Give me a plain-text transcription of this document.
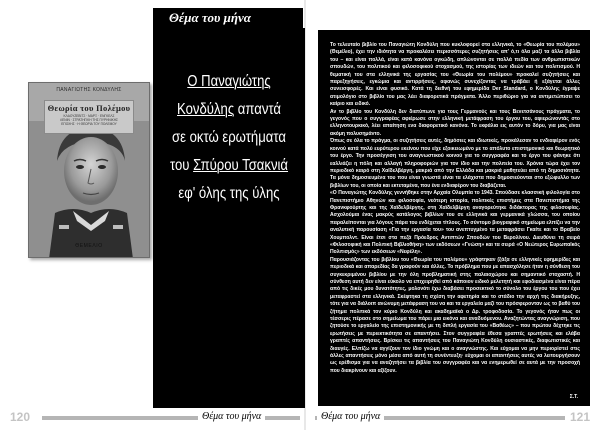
ΠΑΝΑΓΙΩΤΗΣ ΚΟΝΔΥΛΗΣ
Θεωρία του Πολέμου
ΚΛΑΟΥΖΕΒΙΤΣ · ΜΑΡΞ · ΕΝΓΚΕΛΣ
ΛΕΝΙΝ · ΣΤΡΑΤΗΓΙΚΗ ΤΗΣ ΠΥΡΗΝΙΚΗΣ
ΕΠΟΧΗΣ · Η ΘΕΩΡΙΑ ΤΟΥ ΠΟΛΕΜΟΥ
ΘΕΜΕΛΙΟ
Θέμα του μήνα
Ο Παναγιώτης
Κονδύλης απαντά
σε οκτώ ερωτήματα
του Σπύρου Τσακνιά
εφ' όλης της ύλης

Το τελευταίο βιβλίο του Παναγιώτη Κονδύλη που κυκλοφορεί στα ελληνικά, το «Θεωρία του πολέμου» (Θεμέλιο), έχει την ιδιότητα να προκαλέσει περισσότερες συζητήσεις απ' ό,τι όλα μαζί τα άλλα βιβλία του – και είναι πολλά, είναι κατά κανόνα ογκώδη, απλώνονται σε πολλά πεδία των ανθρωπιστικών σπουδών, του πολιτικού και φιλοσοφικού στοχασμού, της ιστορίας των ιδεών και του πολιτισμού. Η θεματική του στα ελληνικά της εργασίας του «Θεωρία του πολέμου» προκαλεί συζητήσεις και παρεξηγήσεις, εγκώμια και αντιρρήσεις, αφανώς συνεχίζοντας να τράβάει ή εξάγεται άλλες συνεισφορές. Και είναι φυσικό. Κατά τη διεθνή του εφημερίδα Der Standard, ο Κονδύλης έγραψε ατιμολόγιο στο βιβλίο του μας λέει διαφορετικά πράγματα. Άλλο περιθώριο για να αντιμετώπισει το καίριο και ειδικό.

Αν το βιβλίο του Κονδύλη δεν διατύπωνε για τους Γερμανούς και τους Βενετσάνους πράγματα, το γεγονός που ο συγγραφέας αφιέρωσε στην ελληνική μετάφραση του έργου του, αφιερώνοντάς στο ελληνοτουρκικό, λέει απαίτηση ενα διαφορετικό κανόνα. Το εκφάλια εις αυτόν το δόρυ, για μας είναι ακόμη πολυσημάντο.

Όπως σε όλα το πράγμα, οι συζητήσεις αυτές, δημόσιες και ιδιωτικές, προκάλεσαν το ενδιαφέρον ενός κοινού κατά πολύ ευρύτερου εκείνου που είχε εξοικειωμένο με το απόλυτο επιστημονικό και θεωρητικό του έργο. Την προσέγγιση του αναγνωστικού κοινού για το συγγραφέα και το έργο του φάνηκε ότι εαλλιάζει η πόλη και αλλαγή πληροφοριών για τον ίδιο και την πολιτεία του. Χρόνια τώρα έχει τον περιοδικό καιρό στη Χαϊδελβέργη, μακριά από την Ελλάδα και μακριά μαθητεύει από τη δημοσιότητα. Τα μόνα δημοσιευμένα του που είναι γνωστά είναι τα ελάχιστα που δημοσιεύονται στο εξώφυλλο των βιβλίων του, οι οποία και εκτεταμένα, που ένα ενδιαφέρον του διαβάζεται.

«Ο Παναγιώτης Κονδύλης γεννήθηκε στην Αρχαία Ολυμπία το 1943. Σπούδασε κλασσική φιλολογία στο Πανεπιστήμιο Αθηνών και φιλοσοφία, νεότερη ιστορία, πολιτικές επιστήμες στα Πανεπιστήμια της Φρανκφούρτης και της Χαϊδελβέργης, στη Χαϊδελβέργη αναγορεύτηκε διδάκτορας της φιλοσοφίας. Ασχολούμαι ένας μακρύς κατάλογος βιβλίων του σε ελληνικά και γερμανικά γλώσσα, του οποίου παραλείπονται για λόγους πάρα του ενδέχεται τίτλους. Το σύντομο βιογραφικό σημείωμα ελπίζει να την αναλυτική παρουσίαση «Για την εργασία του» του ανεπτυγμένο τα μεταφράσει Γκαίτε και το Βραβείο Χουμπολντ. Είναι έτσι στα πεζά Πρόεδρος Αντιπτών Σπουδών του Βερολίνου. Διευθύνει τη σειρά «Φιλοσοφική και Πολιτική Βιβλιοθήκη» των εκδόσεων «Γνώση» και τα σειρά «Ο Νεώτερος Ευρωπαϊκός Πολιτισμός» των εκδόσεων «Νεφέλη».

Παρουσιάζοντας του βιβλίου του «Θεωρία του πολέμου» γράφτηκαν (ξάξα σε ελληνικές εφημερίδες και περιοδικά και απαρεδίας δα γραφούν και άλλες. Το πρόβλημα που με απασχόλησε ήταν η σύνθεση του συγκεκριμένου βιβλίου με την όλη προβληματική στης παλαιοχώρου και σημαντικό στοχαστή. Η σύνθεση αυτή δεν είναι εύκολο να επιχειρηθεί από κάποιον ειδικό μελετητή και εφοδιασμένα είναι πέρα από τις δικές μου δυνατότητες, μολονότι έχω διαβάσει προσεκτικό το σύνολο του έργου του που έχει μεταφραστεί στα ελληνικά. Σκέφτηκα τη σχέση την αφετηρία και το στάδιο την αρχή της διακήρυξης, τότε για να διάλοιπ ανώνυμη μετάφραση του να και τα εργαλεία μαζί του πρόσφερονταν ως το βαθύ του ζήτημα πολιτικά τον κύριο Κονδύλη και ακαδημαϊκά ο Δρ. τροφοδοσία. Το γεγονός ήταν πως οι τέσσερις πέρασε στο σημείωμα του πάρει μια εικόνα και αναδυόμενου. Αναζητώντας αναγνώριση, που ζητούσε το εργαλείο της επιστημονικής με τη διπλή εργασία του «Βαθέως» – που πρώτου δέχτηκε τις ερωτήσεις με περιεκτικότητα σε απαντήσει. Στον συγγραφέα έθεσα γραπτές ερωτήσεις και ελάβα γραπτές απαντήσεις. Βρίσκει τις απαντήσεις του Παναγιώτη Κονδύλη ουσιαστικές, διαφωτιστικές και διαυγές. Ελπίζω να αγγίζουν τον ίδιο γνώμη και ο αναγνώστης. Και εύχομαι να μην περιορίστεί στις άλλες απαντήσεις μόνο μέσα από αυτή τη συνέντευξη· εύχομαι οι απαντήσεις αυτές να λειτουργήσουν ως ερέθισμα για να αναζητήσει τα βιβλία του συγγραφέα και να ενημερωθεί σε αυτά με την προσοχή που διακρίνουν και αξίζουν.

Σ.Τ.
120	Θέμα του μήνα	Θέμα του μήνα	121
